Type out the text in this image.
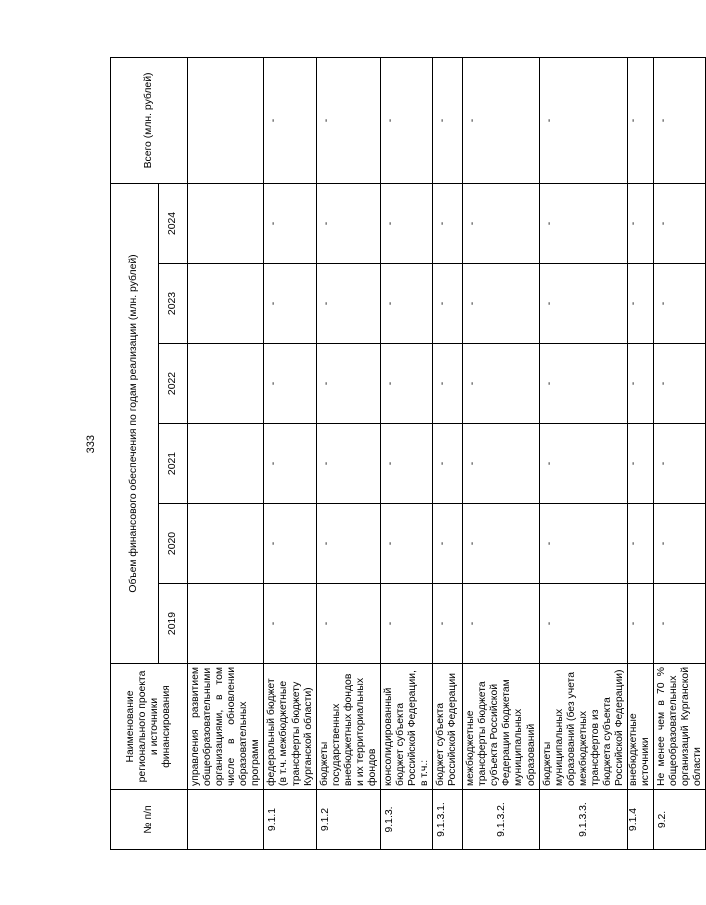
333
№ п/п	Наименование регионального проекта и источники финансирования	Объем финансового обеспечения по годам реализации (млн. рублей)						Всего (млн. рублей)
		2019	2020	2021	2022	2023	2024	
	управления развитием общеобразовательными организациями, в том числе в обновлении образовательных программ							
9.1.1	федеральный бюджет (в т.ч. межбюджетные трансферты бюджету Курганской области)	-	-	-	-	-	-	-
9.1.2	бюджеты государственных внебюджетных фондов и их территориальных фондов	-	-	-	-	-	-	-
9.1.3.	консолидированный бюджет субъекта Российской Федерации, в т.ч.:	-	-	-	-	-	-	-
9.1.3.1.	бюджет субъекта Российской Федерации	-	-	-	-	-	-	-
9.1.3.2.	межбюджетные трансферты бюджета субъекта Российской Федерации бюджетам муниципальных образований	-	-	-	-	-	-	-
9.1.3.3.	бюджеты муниципальных образований (без учета межбюджетных трансфертов из бюджета субъекта Российской Федерации)	-	-	-	-	-	-	-
9.1.4	внебюджетные источники	-	-	-	-	-	-	-
9.2.	Не менее чем в 70 % общеобразовательных организаций Курганской области	-	-	-	-	-	-	-
